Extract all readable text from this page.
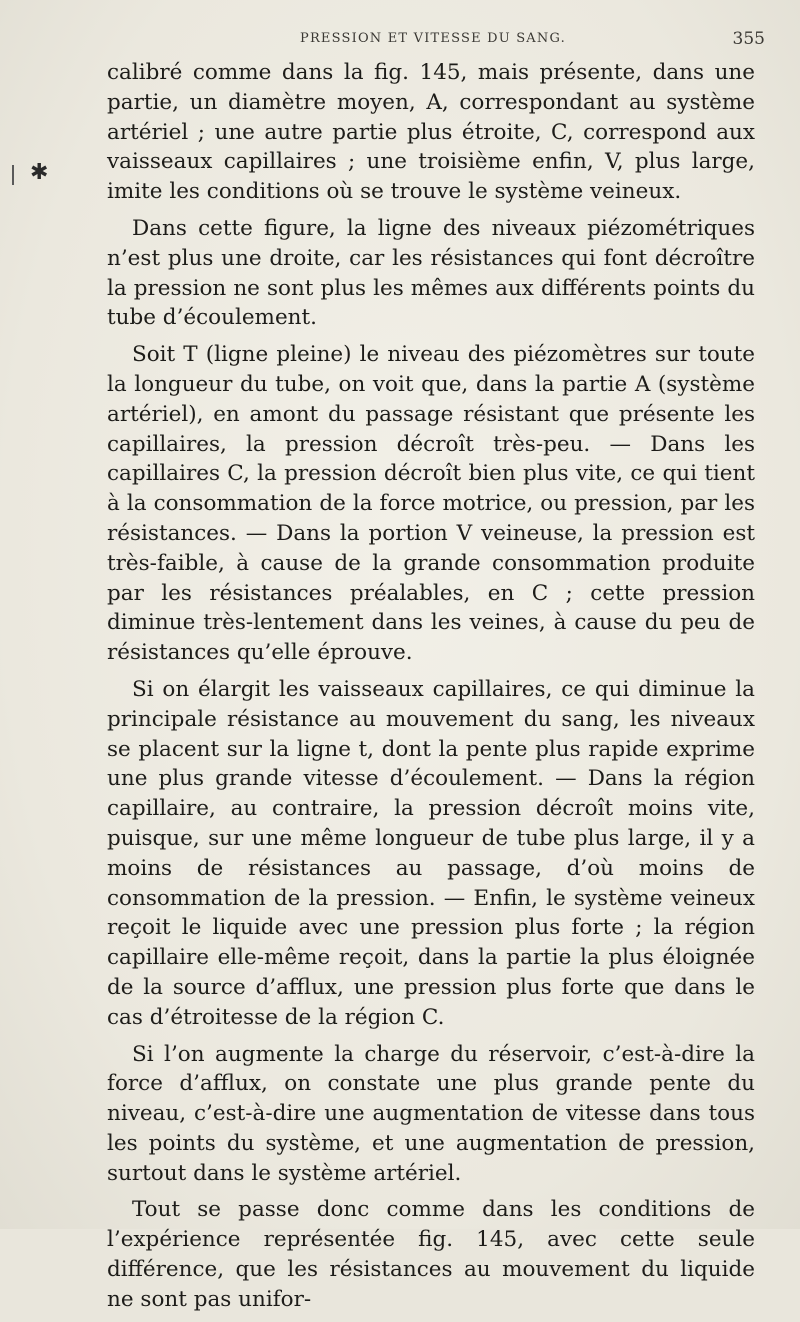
PRESSION ET VITESSE DU SANG.	355
✱

calibré comme dans la fig. 145, mais présente, dans une partie, un diamètre moyen, A, correspondant au système artériel ; une autre partie plus étroite, C, correspond aux vaisseaux capillaires ; une troisième enfin, V, plus large, imite les conditions où se trouve le système veineux.

Dans cette figure, la ligne des niveaux piézométriques n’est plus une droite, car les résistances qui font décroître la pression ne sont plus les mêmes aux différents points du tube d’écoulement.

Soit T (ligne pleine) le niveau des piézomètres sur toute la longueur du tube, on voit que, dans la partie A (système artériel), en amont du passage résistant que présente les capillaires, la pression décroît très-peu. — Dans les capillaires C, la pression décroît bien plus vite, ce qui tient à la consommation de la force motrice, ou pression, par les résistances. — Dans la portion V veineuse, la pression est très-faible, à cause de la grande consommation produite par les résistances préalables, en C ; cette pression diminue très-lentement dans les veines, à cause du peu de résistances qu’elle éprouve.

Si on élargit les vaisseaux capillaires, ce qui diminue la principale résistance au mouvement du sang, les niveaux se placent sur la ligne t, dont la pente plus rapide exprime une plus grande vitesse d’écoulement. — Dans la région capillaire, au contraire, la pression décroît moins vite, puisque, sur une même longueur de tube plus large, il y a moins de résistances au passage, d’où moins de consommation de la pression. — Enfin, le système veineux reçoit le liquide avec une pression plus forte ; la région capillaire elle-même reçoit, dans la partie la plus éloignée de la source d’afflux, une pression plus forte que dans le cas d’étroitesse de la région C.

Si l’on augmente la charge du réservoir, c’est-à-dire la force d’afflux, on constate une plus grande pente du niveau, c’est-à-dire une augmentation de vitesse dans tous les points du système, et une augmentation de pression, surtout dans le système artériel.

Tout se passe donc comme dans les conditions de l’expérience représentée fig. 145, avec cette seule différence, que les résistances au mouvement du liquide ne sont pas unifor-
